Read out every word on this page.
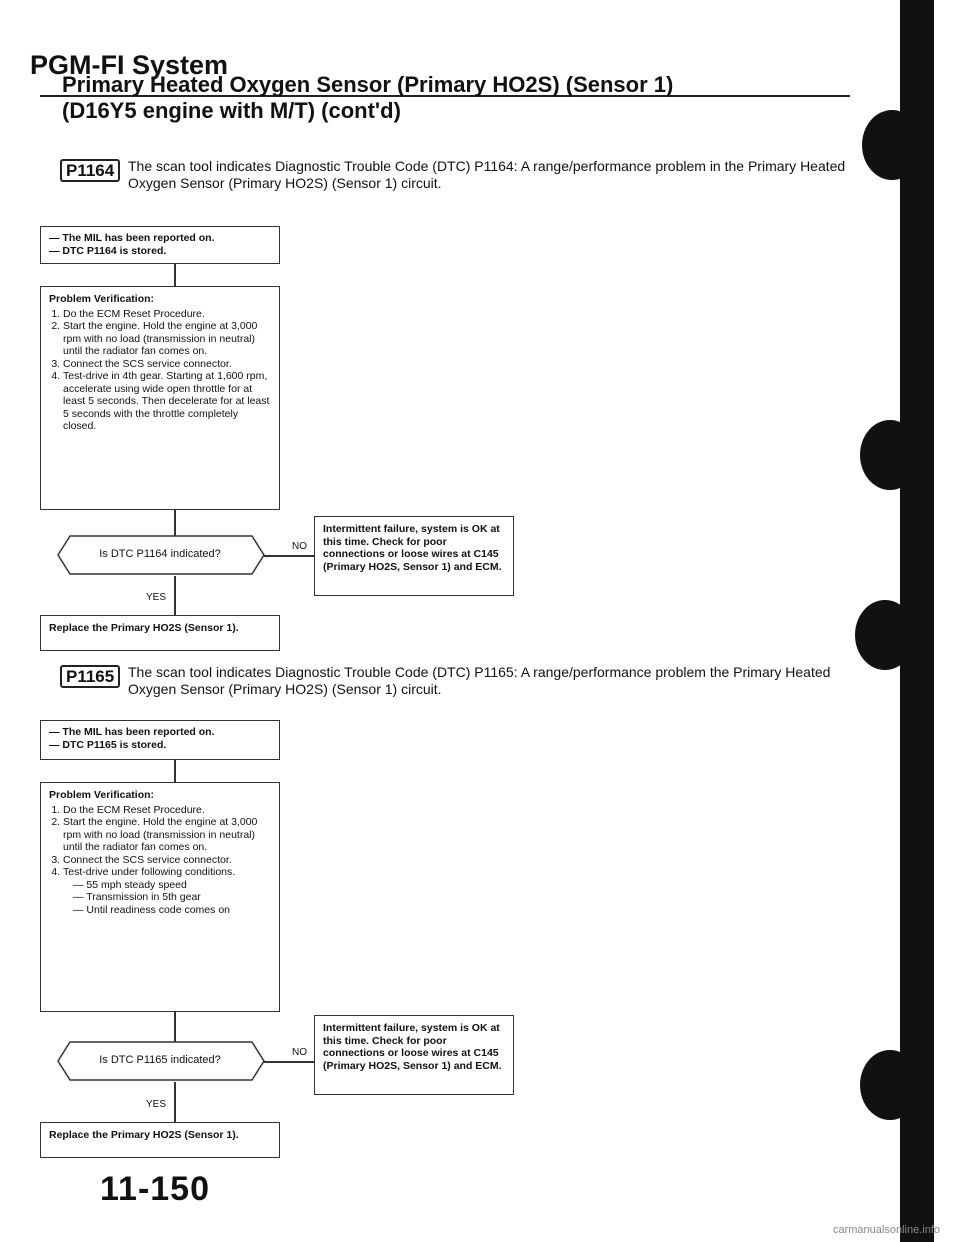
PGM-FI System
Primary Heated Oxygen Sensor (Primary HO2S) (Sensor 1)
(D16Y5 engine with M/T) (cont'd)
P1164 The scan tool indicates Diagnostic Trouble Code (DTC) P1164: A range/performance problem in the Primary Heated Oxygen Sensor (Primary HO2S) (Sensor 1) circuit.
— The MIL has been reported on.
— DTC P1164 is stored.
Problem Verification:
1. Do the ECM Reset Procedure.
2. Start the engine. Hold the engine at 3,000 rpm with no load (transmission in neutral) until the radiator fan comes on.
3. Connect the SCS service connector.
4. Test-drive in 4th gear. Starting at 1,600 rpm, accelerate using wide open throttle for at least 5 seconds. Then decelerate for at least 5 seconds with the throttle completely closed.
Is DTC P1164 indicated?
NO
Intermittent failure, system is OK at this time. Check for poor connections or loose wires at C145 (Primary HO2S, Sensor 1) and ECM.
YES
Replace the Primary HO2S (Sensor 1).
P1165 The scan tool indicates Diagnostic Trouble Code (DTC) P1165: A range/performance problem the Primary Heated Oxygen Sensor (Primary HO2S) (Sensor 1) circuit.
— The MIL has been reported on.
— DTC P1165 is stored.
Problem Verification:
1. Do the ECM Reset Procedure.
2. Start the engine. Hold the engine at 3,000 rpm with no load (transmission in neutral) until the radiator fan comes on.
3. Connect the SCS service connector.
4. Test-drive under following conditions.
— 55 mph steady speed
— Transmission in 5th gear
— Until readiness code comes on
Is DTC P1165 indicated?
NO
Intermittent failure, system is OK at this time. Check for poor connections or loose wires at C145 (Primary HO2S, Sensor 1) and ECM.
YES
Replace the Primary HO2S (Sensor 1).
11-150
carmanualsonline.info
